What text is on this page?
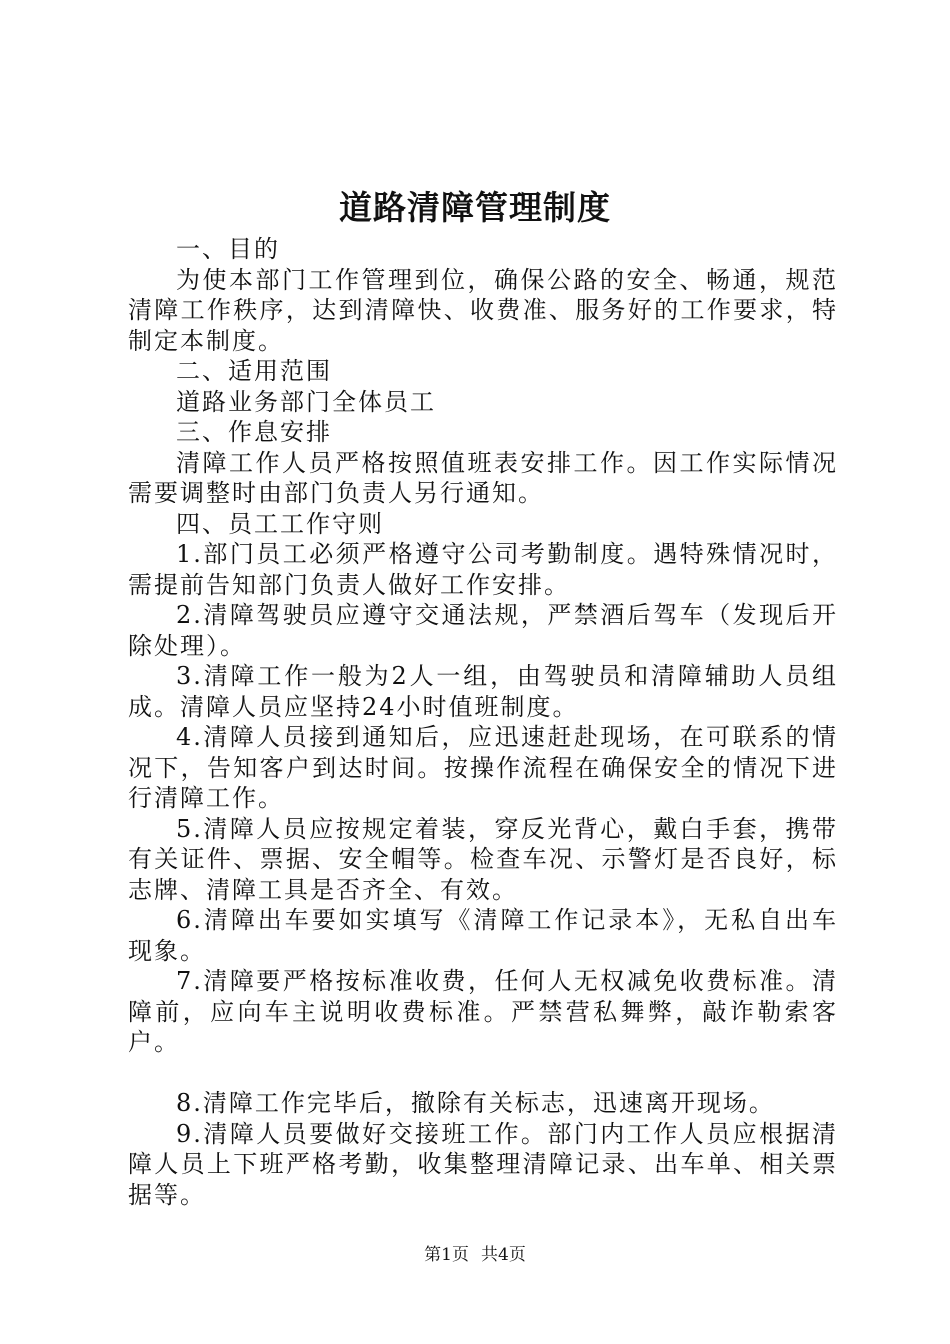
道路清障管理制度

一、目的

为使本部门工作管理到位，确保公路的安全、畅通，规范清障工作秩序，达到清障快、收费准、服务好的工作要求，特制定本制度。

二、适用范围

道路业务部门全体员工

三、作息安排

清障工作人员严格按照值班表安排工作。因工作实际情况需要调整时由部门负责人另行通知。

四、员工工作守则

1.部门员工必须严格遵守公司考勤制度。遇特殊情况时，需提前告知部门负责人做好工作安排。

2.清障驾驶员应遵守交通法规，严禁酒后驾车（发现后开除处理）。

3.清障工作一般为2人一组，由驾驶员和清障辅助人员组成。清障人员应坚持24小时值班制度。

4.清障人员接到通知后，应迅速赶赴现场，在可联系的情况下，告知客户到达时间。按操作流程在确保安全的情况下进行清障工作。

5.清障人员应按规定着装，穿反光背心，戴白手套，携带有关证件、票据、安全帽等。检查车况、示警灯是否良好，标志牌、清障工具是否齐全、有效。

6.清障出车要如实填写《清障工作记录本》，无私自出车现象。

7.清障要严格按标准收费，任何人无权减免收费标准。清障前，应向车主说明收费标准。严禁营私舞弊，敲诈勒索客户。

8.清障工作完毕后，撤除有关标志，迅速离开现场。

9.清障人员要做好交接班工作。部门内工作人员应根据清障人员上下班严格考勤，收集整理清障记录、出车单、相关票据等。

第1页 共4页
